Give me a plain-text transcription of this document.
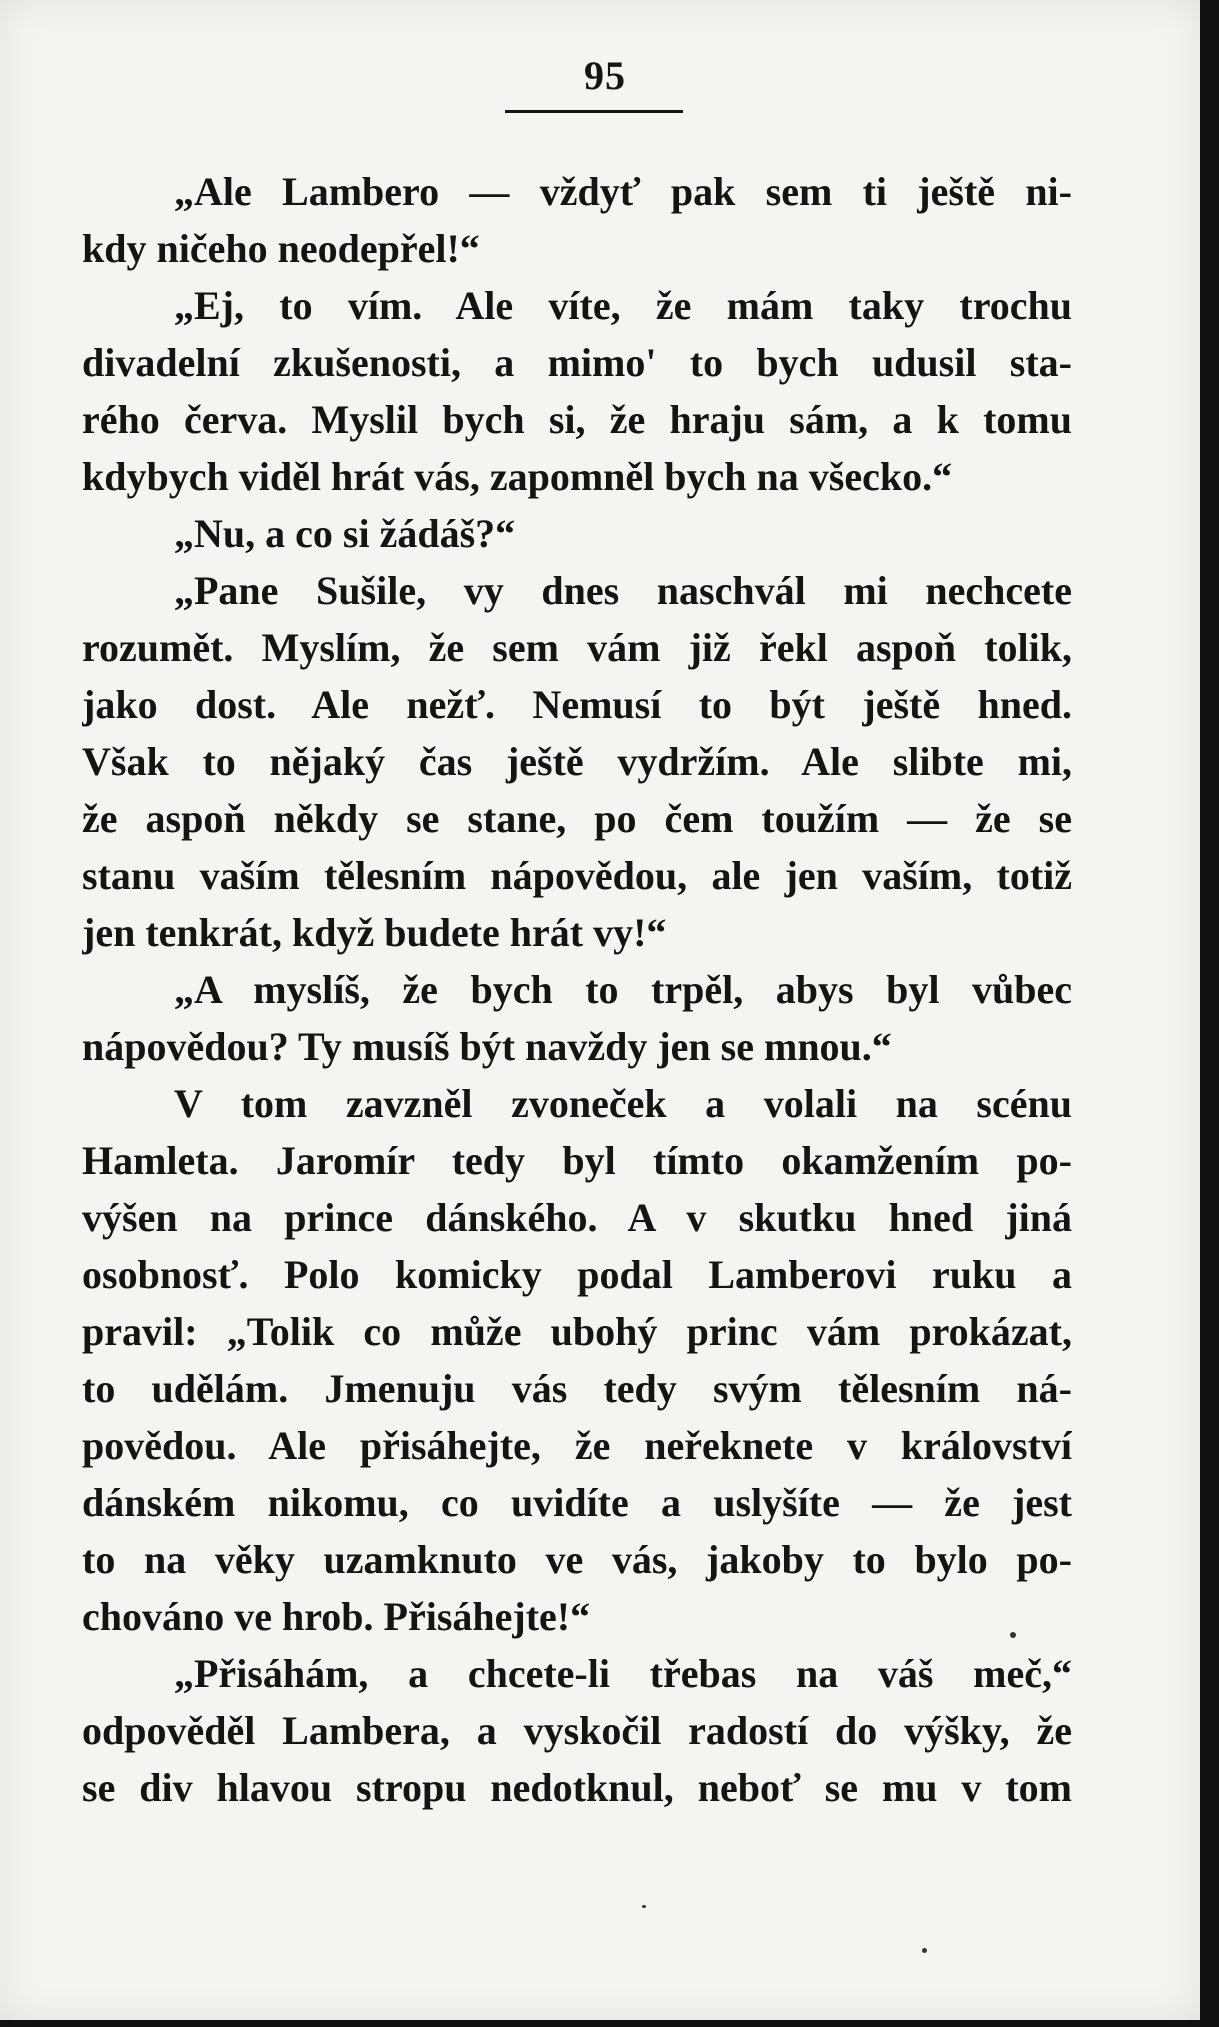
95
„Ale Lambero — vždyť pak sem ti ještě ni-
kdy ničeho neodepřel!“
„Ej, to vím. Ale víte, že mám taky trochu
divadelní zkušenosti, a mimo' to bych udusil sta-
rého červa. Myslil bych si, že hraju sám, a k tomu
kdybych viděl hrát vás, zapomněl bych na všecko.“
„Nu, a co si žádáš?“
„Pane Sušile, vy dnes naschvál mi nechcete
rozumět. Myslím, že sem vám již řekl aspoň tolik,
jako dost. Ale nežť. Nemusí to být ještě hned.
Však to nějaký čas ještě vydržím. Ale slibte mi,
že aspoň někdy se stane, po čem toužím — že se
stanu vaším tělesním nápovědou, ale jen vaším, totiž
jen tenkrát, když budete hrát vy!“
„A myslíš, že bych to trpěl, abys byl vůbec
nápovědou? Ty musíš být navždy jen se mnou.“
V tom zavzněl zvoneček a volali na scénu
Hamleta. Jaromír tedy byl tímto okamžením po-
výšen na prince dánského. A v skutku hned jiná
osobnosť. Polo komicky podal Lamberovi ruku a
pravil: „Tolik co může ubohý princ vám prokázat,
to udělám. Jmenuju vás tedy svým tělesním ná-
povědou. Ale přisáhejte, že neřeknete v království
dánském nikomu, co uvidíte a uslyšíte — že jest
to na věky uzamknuto ve vás, jakoby to bylo po-
chováno ve hrob. Přisáhejte!“
„Přisáhám, a chcete-li třebas na váš meč,“
odpověděl Lambera, a vyskočil radostí do výšky, že
se div hlavou stropu nedotknul, neboť se mu v tom
